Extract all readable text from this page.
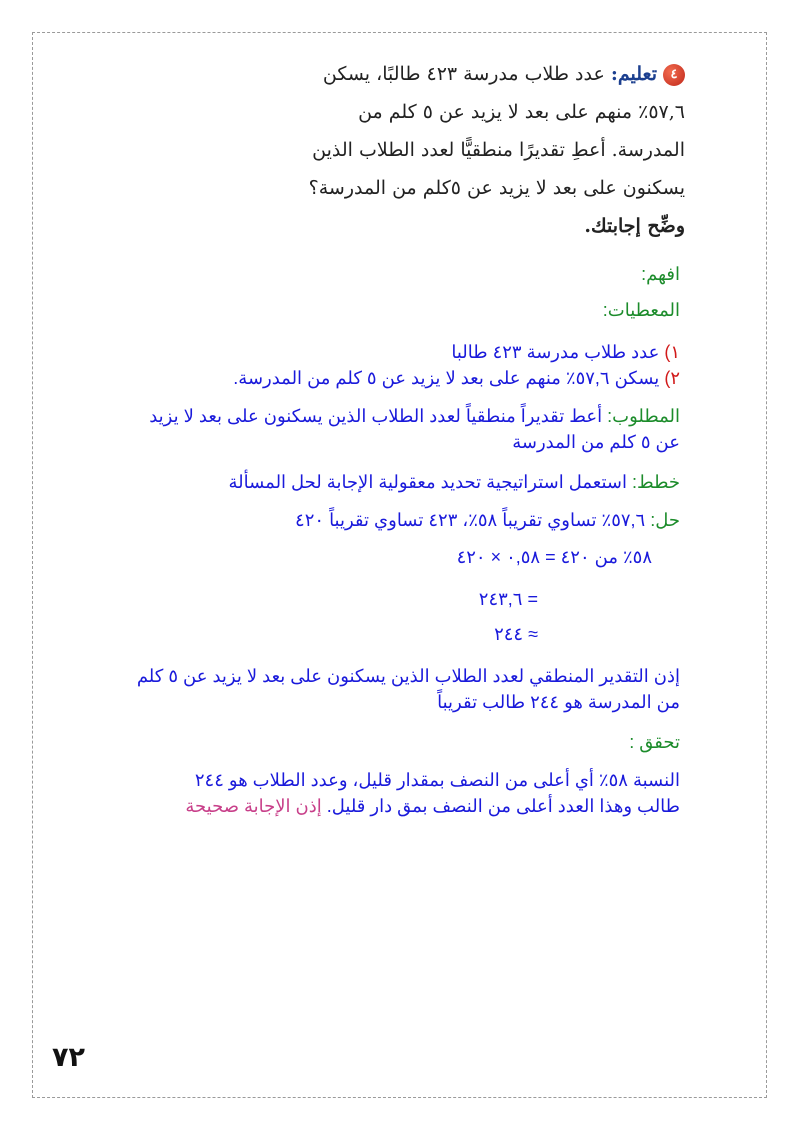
٤تعليم: عدد طلاب مدرسة ٤٢٣ طالبًا، يسكن
٥٧,٦٪ منهم على بعد لا يزيد عن ٥ كلم من
المدرسة. أعطِ تقديرًا منطقيًّا لعدد الطلاب الذين
يسكنون على بعد لا يزيد عن ٥كلم من المدرسة؟
وضِّح إجابتك.
افهم:
المعطيات:
١) عدد طلاب مدرسة ٤٢٣ طالبا
٢) يسكن ٥٧,٦٪ منهم على بعد لا يزيد عن ٥ كلم من المدرسة.
المطلوب: أعط تقديراً منطقياً لعدد الطلاب الذين يسكنون على بعد لا يزيد
عن ٥ كلم من المدرسة
خطط: استعمل استراتيجية تحديد معقولية الإجابة لحل المسألة
حل: ٥٧,٦٪ تساوي تقريباً ٥٨٪، ٤٢٣ تساوي تقريباً ٤٢٠
٥٨٪ من ٤٢٠ = ٠,٥٨ × ٤٢٠
= ٢٤٣,٦
≈ ٢٤٤
إذن التقدير المنطقي لعدد الطلاب الذين يسكنون على بعد لا يزيد عن ٥ كلم
من المدرسة هو ٢٤٤ طالب تقريباً
تحقق :
النسبة ٥٨٪ أي أعلى من النصف بمقدار قليل، وعدد الطلاب هو ٢٤٤
طالب وهذا العدد أعلى من النصف بمق دار قليل. إذن الإجابة صحيحة
٧٢
